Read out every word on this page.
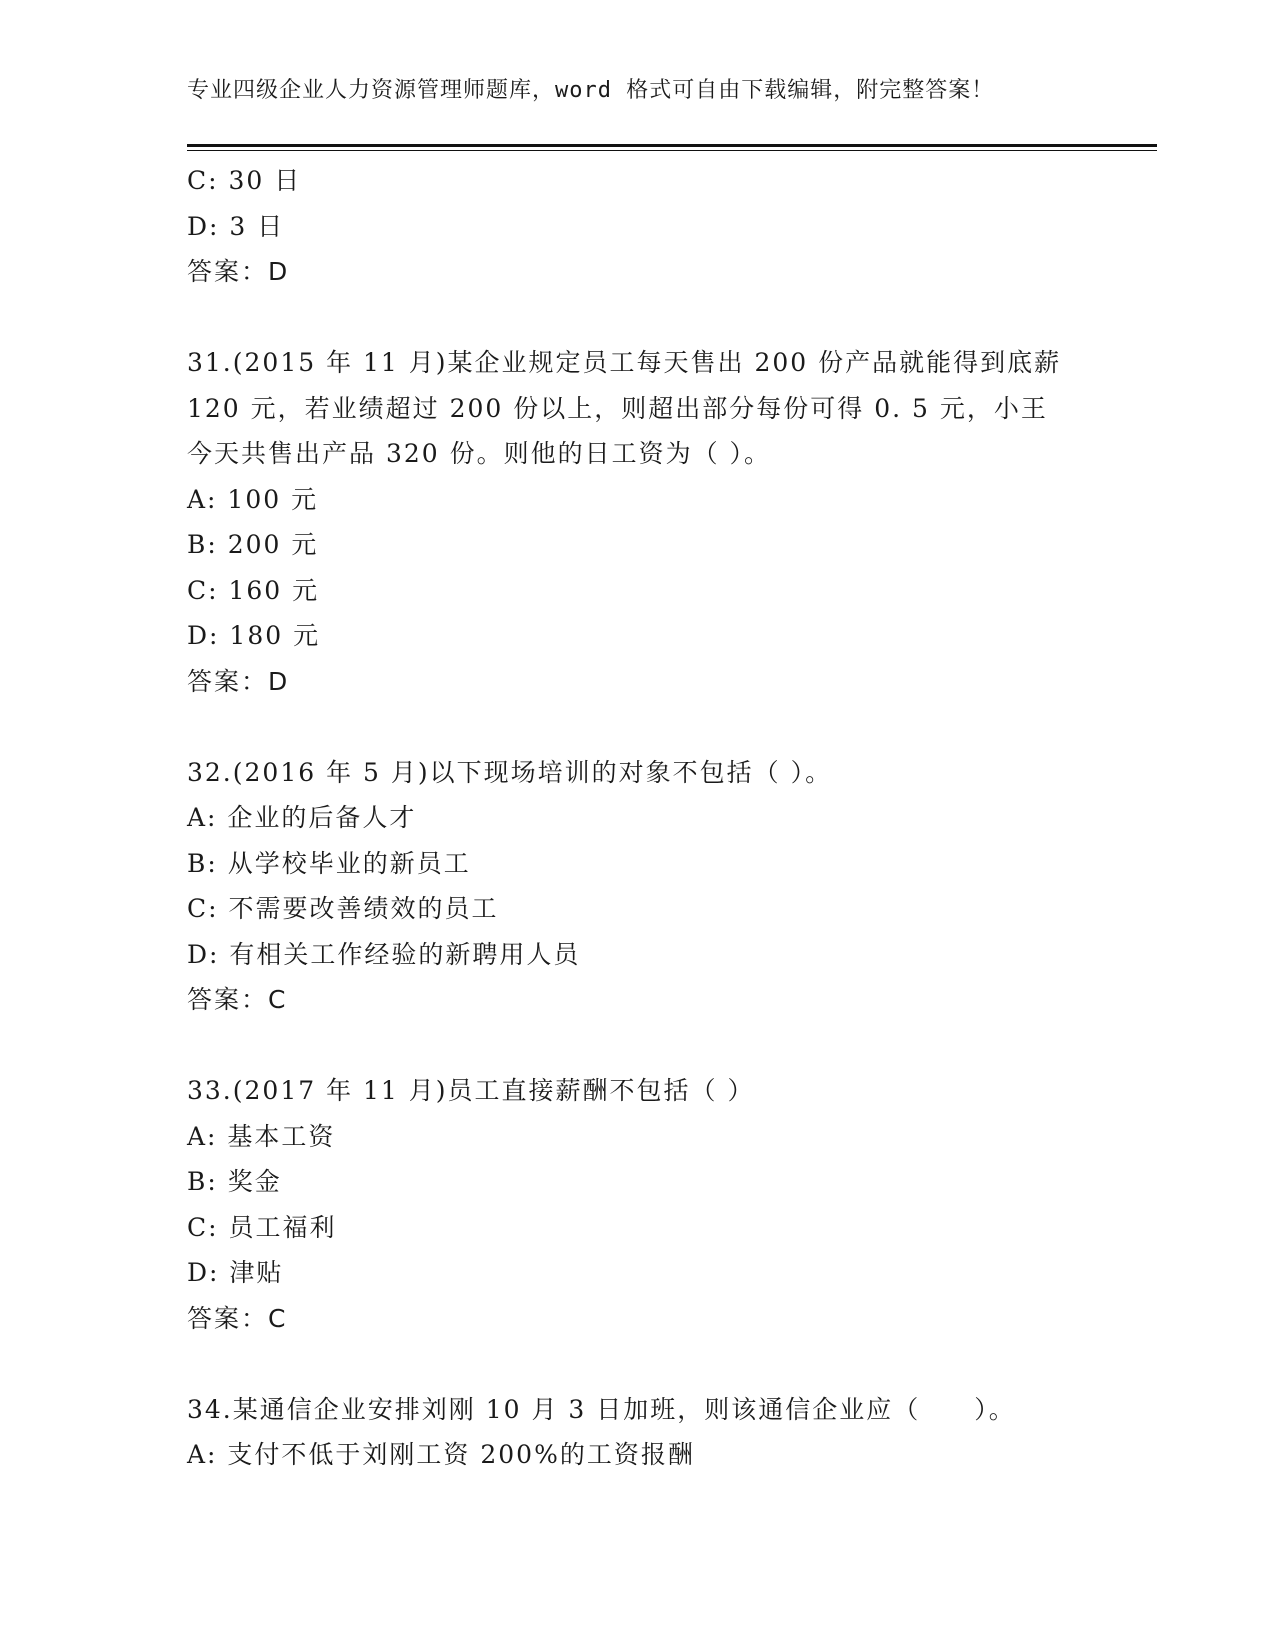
专业四级企业人力资源管理师题库，word 格式可自由下载编辑，附完整答案！
C: 30 日
D: 3 日
答案：D
31.(2015 年 11 月)某企业规定员工每天售出 200 份产品就能得到底薪
120 元，若业绩超过 200 份以上，则超出部分每份可得 0. 5 元，小王
今天共售出产品 320 份。则他的日工资为（ ）。
A: 100 元
B: 200 元
C: 160 元
D: 180 元
答案：D
32.(2016 年 5 月)以下现场培训的对象不包括（ ）。
A: 企业的后备人才
B: 从学校毕业的新员工
C: 不需要改善绩效的员工
D: 有相关工作经验的新聘用人员
答案：C
33.(2017 年 11 月)员工直接薪酬不包括（ ）
A: 基本工资
B: 奖金
C: 员工福利
D: 津贴
答案：C
34.某通信企业安排刘刚 10 月 3 日加班，则该通信企业应（　　）。
A: 支付不低于刘刚工资 200%的工资报酬
